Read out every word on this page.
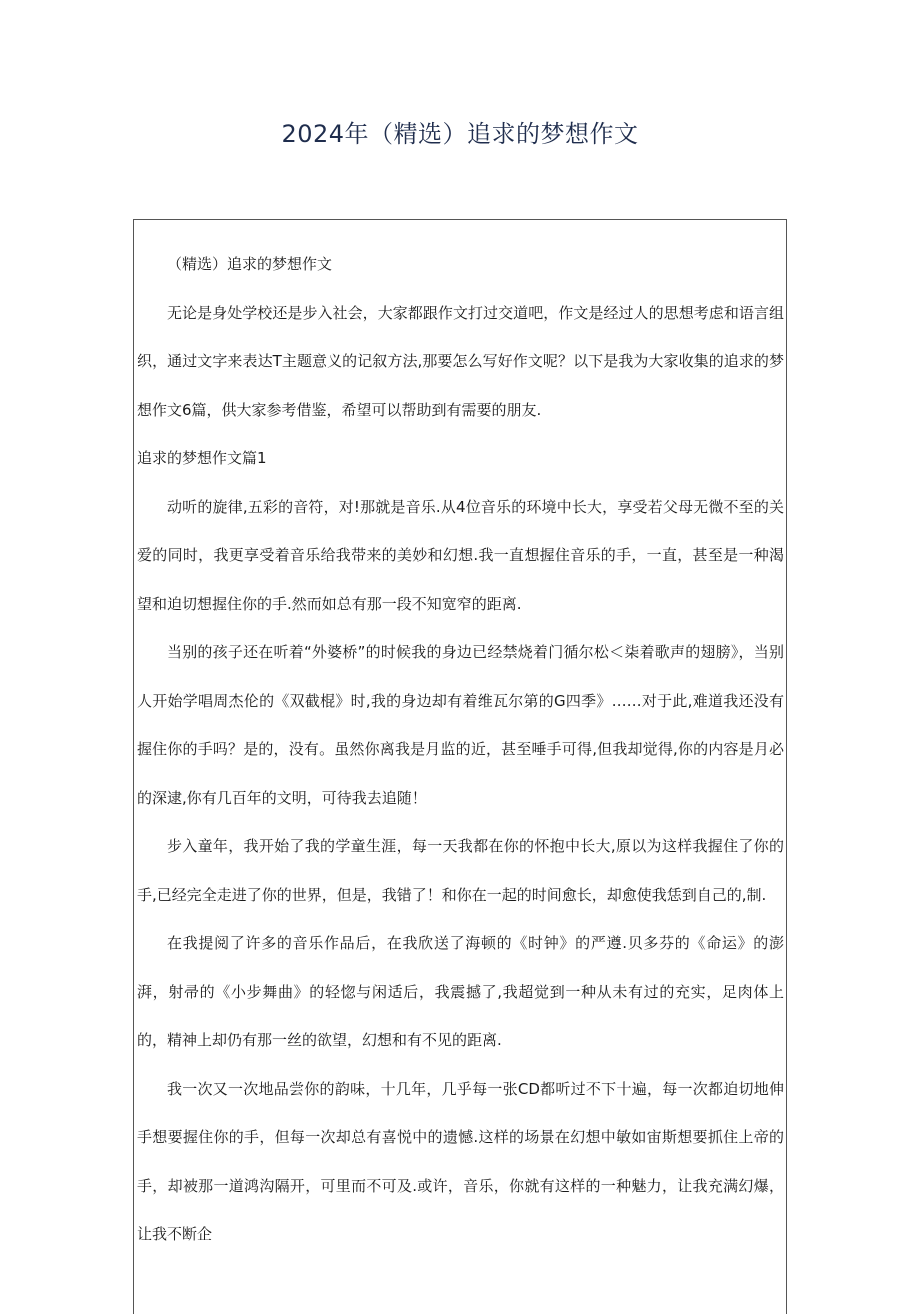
2024年（精选）追求的梦想作文

（精选）追求的梦想作文

无论是身处学校还是步入社会，大家都跟作文打过交道吧，作文是经过人的思想考虑和语言组织，通过文字来表达T主题意义的记叙方法,那要怎么写好作文呢？以下是我为大家收集的追求的梦想作文6篇，供大家参考借鉴，希望可以帮助到有需要的朋友.

追求的梦想作文篇1

动听的旋律,五彩的音符，对!那就是音乐.从4位音乐的环境中长大，享受若父母无微不至的关爱的同时，我更享受着音乐给我带来的美妙和幻想.我一直想握住音乐的手，一直，甚至是一种渴望和迫切想握住你的手.然而如总有那一段不知宽窄的距离.

当别的孩子还在听着“外婆桥”的时候我的身边已经禁烧着门循尔松＜柒着歌声的翅膀》，当别人开始学唱周杰伦的《双截棍》时,我的身边却有着维瓦尔第的G四季》……对于此,难道我还没有握住你的手吗？是的，没有。虽然你离我是月监的近，甚至唾手可得,但我却觉得,你的内容是月必的深逮,你有几百年的文明，可待我去追随！

步入童年，我开始了我的学童生涯，每一天我都在你的怀抱中长大,原以为这样我握住了你的手,已经完全走进了你的世界，但是，我错了！和你在一起的时间愈长，却愈使我恁到自己的,制.

在我提阅了许多的音乐作品后，在我欣送了海顿的《时钟》的严遵.贝多芬的《命运》的澎湃，射帚的《小步舞曲》的轻惚与闲适后，我震撼了,我超觉到一种从未有过的充实，足肉体上的，精神上却仍有那一丝的欲望，幻想和有不见的距离.

我一次又一次地品尝你的韵味，十几年，几乎每一张CD都听过不下十遍，每一次都迫切地伸手想要握住你的手，但每一次却总有喜悦中的遗憾.这样的场景在幻想中敏如宙斯想要抓住上帝的手，却被那一道鸿沟隔开，可里而不可及.或许，音乐，你就有这样的一种魅力，让我充满幻爆，让我不断企
